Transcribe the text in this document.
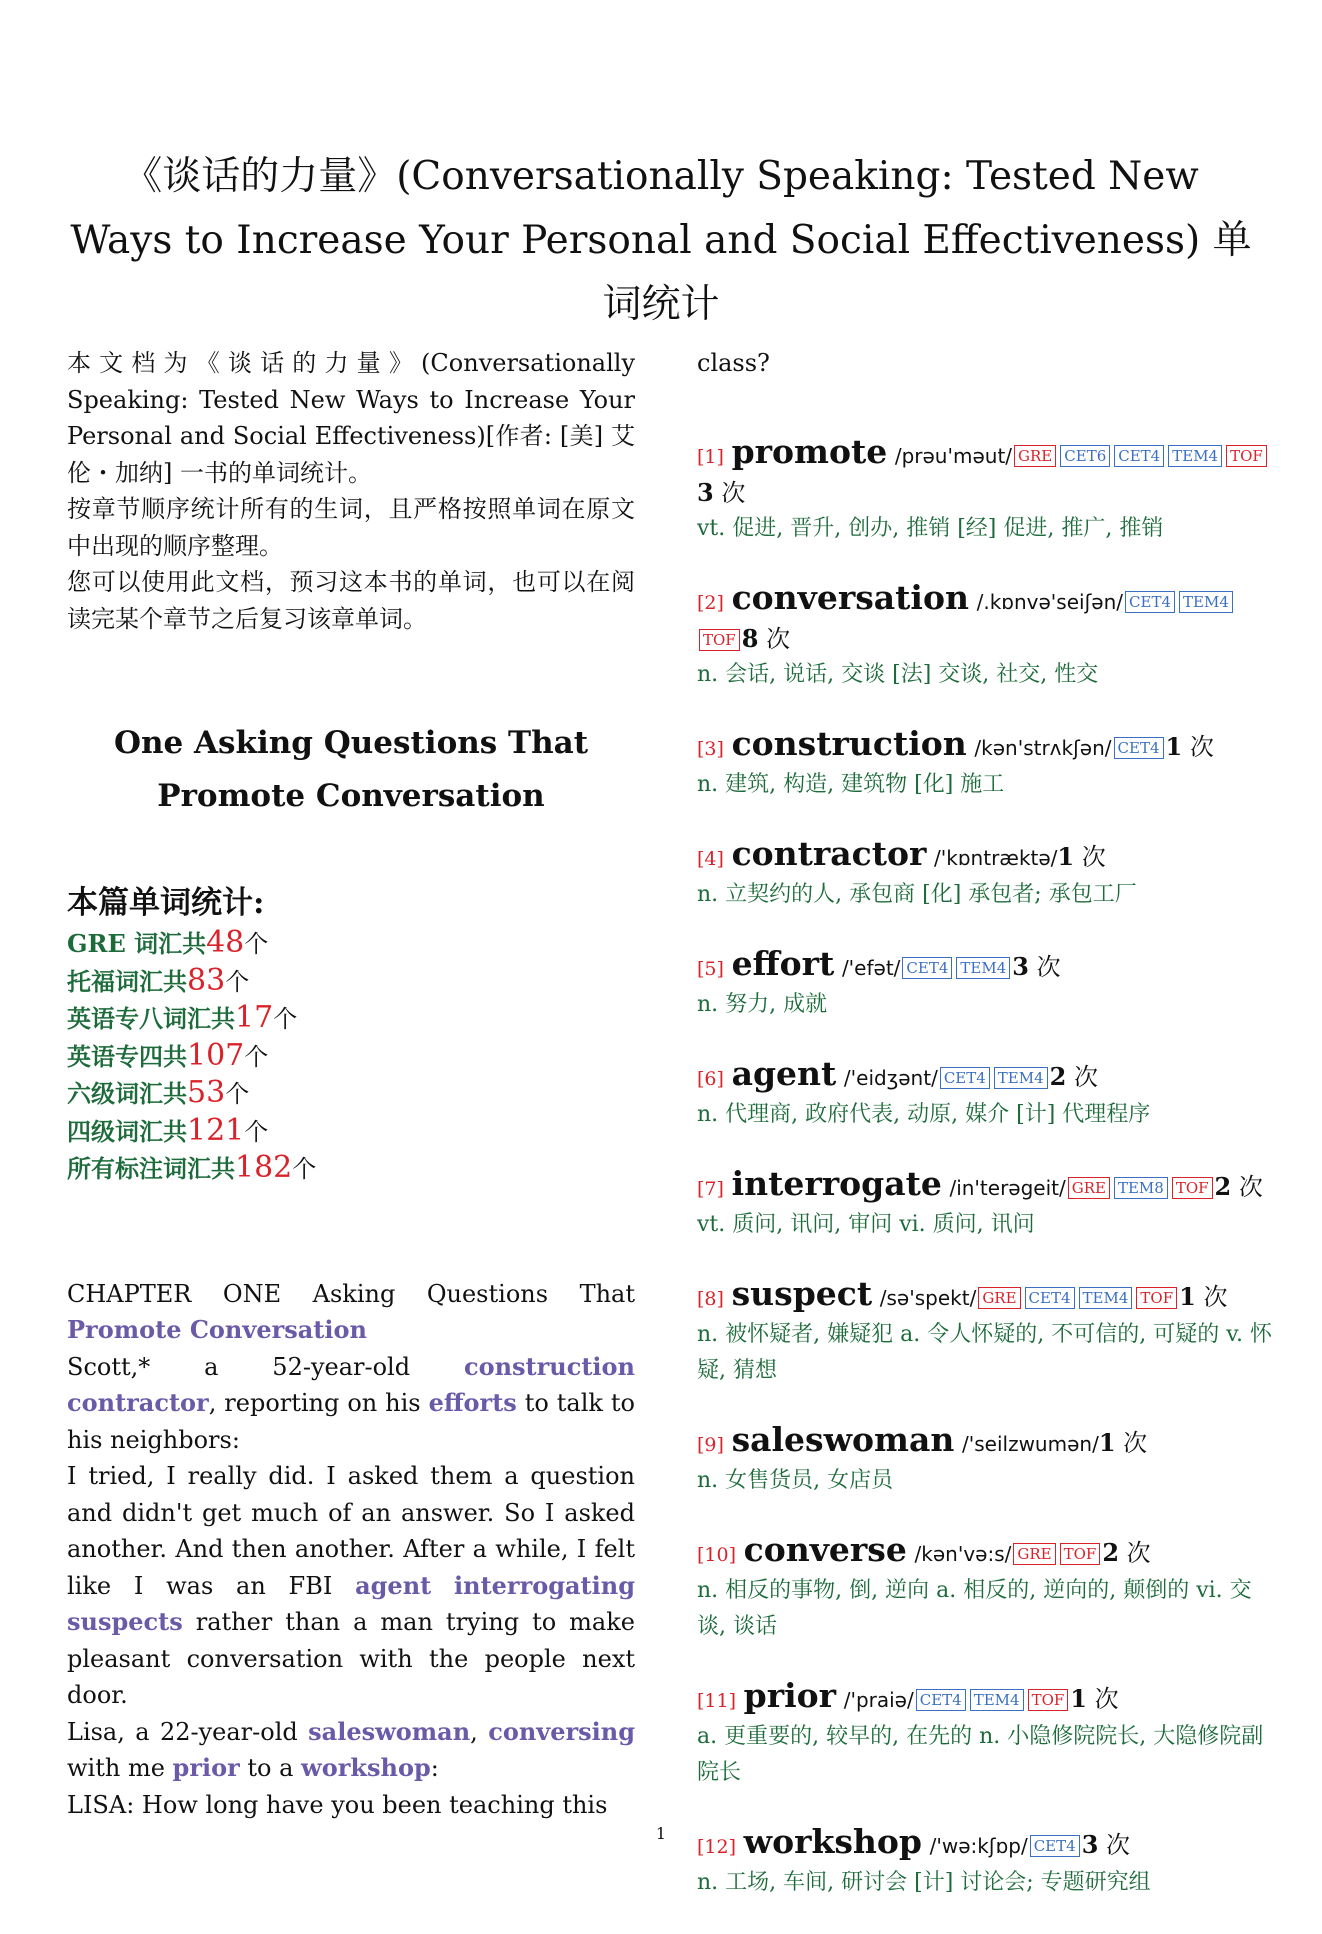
《谈话的力量》(Conversationally Speaking: Tested New Ways to Increase Your Personal and Social Effectiveness) 单词统计

本文档为《谈话的力量》(Conversationally Speaking: Tested New Ways to Increase Your Personal and Social Effectiveness)[作者: [美] 艾伦・加纳] 一书的单词统计。

按章节顺序统计所有的生词，且严格按照单词在原文中出现的顺序整理。

您可以使用此文档，预习这本书的单词，也可以在阅读完某个章节之后复习该章单词。

One Asking Questions That Promote Conversation
本篇单词统计:
GRE 词汇共48个
托福词汇共83个
英语专八词汇共17个
英语专四共107个
六级词汇共53个
四级词汇共121个
所有标注词汇共182个

CHAPTER ONE Asking Questions That Promote Conversation

Scott,* a 52-year-old construction contractor, reporting on his efforts to talk to his neighbors:

I tried, I really did. I asked them a question and didn't get much of an answer. So I asked another. And then another. After a while, I felt like I was an FBI agent interrogating suspects rather than a man trying to make pleasant conversation with the people next door.

Lisa, a 22-year-old saleswoman, conversing with me prior to a workshop:

LISA: How long have you been teaching this

class?

[1] promote /prəu'məut/ GRE CET6 CET4 TEM4 TOF3 次

vt. 促进, 晋升, 创办, 推销 [经] 促进, 推广, 推销

[2] conversation /.kɒnvə'seiʃən/ CET4 TEM4TOF 8 次

n. 会话, 说话, 交谈 [法] 交谈, 社交, 性交

[3] construction /kən'strʌkʃən/ CET4 1 次

n. 建筑, 构造, 建筑物 [化] 施工

[4] contractor /'kɒntræktə/1 次

n. 立契约的人, 承包商 [化] 承包者; 承包工厂

[5] effort /'efət/ CET4 TEM4 3 次

n. 努力, 成就

[6] agent /'eidʒənt/ CET4 TEM4 2 次

n. 代理商, 政府代表, 动原, 媒介 [计] 代理程序

[7] interrogate /in'terəgeit/ GRE TEM8 TOF 2 次

vt. 质问, 讯问, 审问 vi. 质问, 讯问

[8] suspect /sə'spekt/ GRE CET4 TEM4 TOF 1 次

n. 被怀疑者, 嫌疑犯 a. 令人怀疑的, 不可信的, 可疑的 v. 怀疑, 猜想

[9] saleswoman /'seilzwumən/1 次

n. 女售货员, 女店员

[10] converse /kən'və:s/ GRE TOF 2 次

n. 相反的事物, 倒, 逆向 a. 相反的, 逆向的, 颠倒的 vi. 交谈, 谈话

[11] prior /'praiə/ CET4 TEM4 TOF 1 次

a. 更重要的, 较早的, 在先的 n. 小隐修院院长, 大隐修院副院长

[12] workshop /'wə:kʃɒp/ CET4 3 次

n. 工场, 车间, 研讨会 [计] 讨论会; 专题研究组

1
